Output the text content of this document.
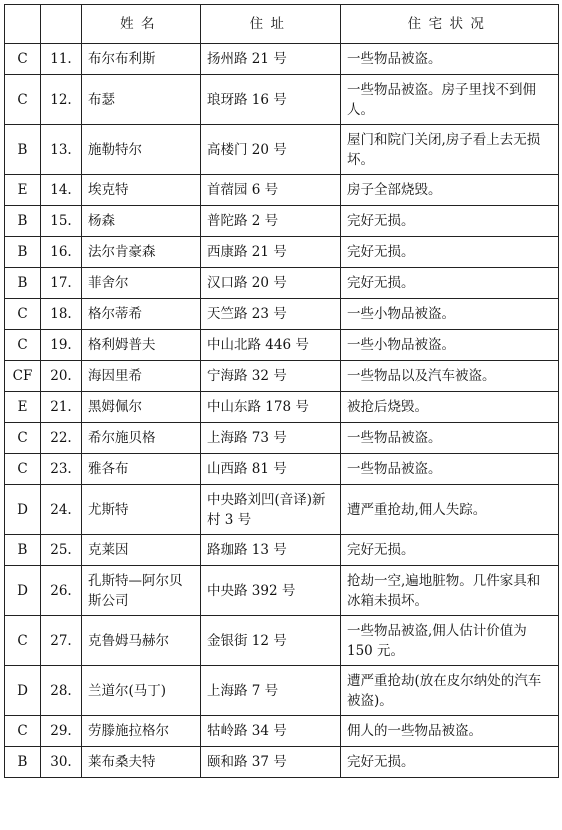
		姓名	住址	住宅状况
C	11.	布尔布利斯	扬州路 21 号	一些物品被盗。
C	12.	布瑟	琅玡路 16 号	一些物品被盗。房子里找不到佣人。
B	13.	施勒特尔	高楼门 20 号	屋门和院门关闭,房子看上去无损坏。
E	14.	埃克特	首蓿园 6 号	房子全部烧毁。
B	15.	杨森	普陀路 2 号	完好无损。
B	16.	法尔肯豪森	西康路 21 号	完好无损。
B	17.	菲舍尔	汉口路 20 号	完好无损。
C	18.	格尔蒂希	天竺路 23 号	一些小物品被盗。
C	19.	格利姆普夫	中山北路 446 号	一些小物品被盗。
CF	20.	海因里希	宁海路 32 号	一些物品以及汽车被盗。
E	21.	黑姆佩尔	中山东路 178 号	被抢后烧毁。
C	22.	希尔施贝格	上海路 73 号	一些物品被盗。
C	23.	雅各布	山西路 81 号	一些物品被盗。
D	24.	尤斯特	中央路刘凹(音译)新村 3 号	遭严重抢劫,佣人失踪。
B	25.	克莱因	路珈路 13 号	完好无损。
D	26.	孔斯特—阿尔贝斯公司	中央路 392 号	抢劫一空,遍地脏物。几件家具和冰箱未损坏。
C	27.	克鲁姆马赫尔	金银街 12 号	一些物品被盗,佣人估计价值为 150 元。
D	28.	兰道尔(马丁)	上海路 7 号	遭严重抢劫(放在皮尔纳处的汽车被盗)。
C	29.	劳滕施拉格尔	牯岭路 34 号	佣人的一些物品被盗。
B	30.	莱布桑夫特	颐和路 37 号	完好无损。
